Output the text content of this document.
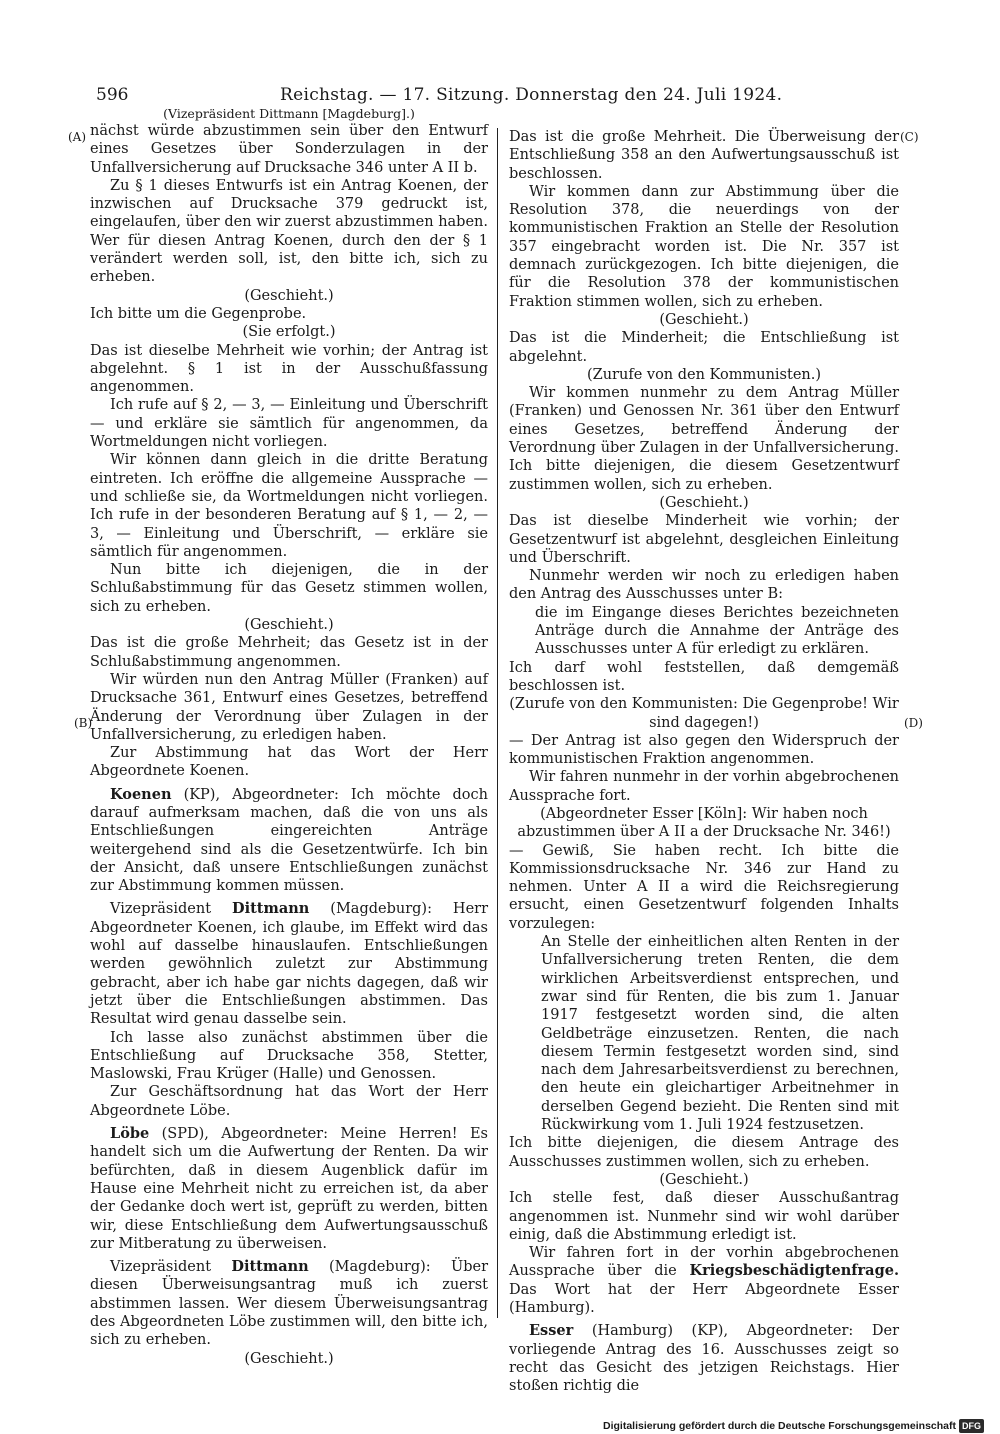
596	Reichstag. — 17. Sitzung. Donnerstag den 24. Juli 1924.
(A)
(B)
(C)
(D)

(Vizepräsident Dittmann [Magdeburg].)

nächst würde abzustimmen sein über den Entwurf eines Gesetzes über Sonderzulagen in der Unfallversicherung auf Drucksache 346 unter A II b.

Zu § 1 dieses Entwurfs ist ein Antrag Koenen, der inzwischen auf Drucksache 379 gedruckt ist, eingelaufen, über den wir zuerst abzustimmen haben. Wer für diesen Antrag Koenen, durch den der § 1 verändert werden soll, ist, den bitte ich, sich zu erheben.

(Geschieht.)

Ich bitte um die Gegenprobe.

(Sie erfolgt.)

Das ist dieselbe Mehrheit wie vorhin; der Antrag ist abgelehnt. § 1 ist in der Ausschußfassung angenommen.

Ich rufe auf § 2, — 3, — Einleitung und Überschrift — und erkläre sie sämtlich für angenommen, da Wortmeldungen nicht vorliegen.

Wir können dann gleich in die dritte Beratung eintreten. Ich eröffne die allgemeine Aussprache — und schließe sie, da Wortmeldungen nicht vorliegen. Ich rufe in der besonderen Beratung auf § 1, — 2, — 3, — Einleitung und Überschrift, — erkläre sie sämtlich für angenommen.

Nun bitte ich diejenigen, die in der Schlußabstimmung für das Gesetz stimmen wollen, sich zu erheben.

(Geschieht.)

Das ist die große Mehrheit; das Gesetz ist in der Schlußabstimmung angenommen.

Wir würden nun den Antrag Müller (Franken) auf Drucksache 361, Entwurf eines Gesetzes, betreffend Änderung der Verordnung über Zulagen in der Unfallversicherung, zu erledigen haben.

Zur Abstimmung hat das Wort der Herr Abgeordnete Koenen.

Koenen (KP), Abgeordneter: Ich möchte doch darauf aufmerksam machen, daß die von uns als Entschließungen eingereichten Anträge weitergehend sind als die Gesetzentwürfe. Ich bin der Ansicht, daß unsere Entschließungen zunächst zur Abstimmung kommen müssen.

Vizepräsident Dittmann (Magdeburg): Herr Abgeordneter Koenen, ich glaube, im Effekt wird das wohl auf dasselbe hinauslaufen. Entschließungen werden gewöhnlich zuletzt zur Abstimmung gebracht, aber ich habe gar nichts dagegen, daß wir jetzt über die Entschließungen abstimmen. Das Resultat wird genau dasselbe sein.

Ich lasse also zunächst abstimmen über die Entschließung auf Drucksache 358, Stetter, Maslowski, Frau Krüger (Halle) und Genossen.

Zur Geschäftsordnung hat das Wort der Herr Abgeordnete Löbe.

Löbe (SPD), Abgeordneter: Meine Herren! Es handelt sich um die Aufwertung der Renten. Da wir befürchten, daß in diesem Augenblick dafür im Hause eine Mehrheit nicht zu erreichen ist, da aber der Gedanke doch wert ist, geprüft zu werden, bitten wir, diese Entschließung dem Aufwertungsausschuß zur Mitberatung zu überweisen.

Vizepräsident Dittmann (Magdeburg): Über diesen Überweisungsantrag muß ich zuerst abstimmen lassen. Wer diesem Überweisungsantrag des Abgeordneten Löbe zustimmen will, den bitte ich, sich zu erheben.

(Geschieht.)

Das ist die große Mehrheit. Die Überweisung der Entschließung 358 an den Aufwertungsausschuß ist beschlossen.

Wir kommen dann zur Abstimmung über die Resolution 378, die neuerdings von der kommunistischen Fraktion an Stelle der Resolution 357 eingebracht worden ist. Die Nr. 357 ist demnach zurückgezogen. Ich bitte diejenigen, die für die Resolution 378 der kommunistischen Fraktion stimmen wollen, sich zu erheben.

(Geschieht.)

Das ist die Minderheit; die Entschließung ist abgelehnt.

(Zurufe von den Kommunisten.)

Wir kommen nunmehr zu dem Antrag Müller (Franken) und Genossen Nr. 361 über den Entwurf eines Gesetzes, betreffend Änderung der Verordnung über Zulagen in der Unfallversicherung. Ich bitte diejenigen, die diesem Gesetzentwurf zustimmen wollen, sich zu erheben.

(Geschieht.)

Das ist dieselbe Minderheit wie vorhin; der Gesetzentwurf ist abgelehnt, desgleichen Einleitung und Überschrift.

Nunmehr werden wir noch zu erledigen haben den Antrag des Ausschusses unter B:

die im Eingange dieses Berichtes bezeichneten Anträge durch die Annahme der Anträge des Ausschusses unter A für erledigt zu erklären.

Ich darf wohl feststellen, daß demgemäß beschlossen ist.

(Zurufe von den Kommunisten: Die Gegenprobe! Wir sind dagegen!)

— Der Antrag ist also gegen den Widerspruch der kommunistischen Fraktion angenommen.

Wir fahren nunmehr in der vorhin abgebrochenen Aussprache fort.

(Abgeordneter Esser [Köln]: Wir haben noch abzustimmen über A II a der Drucksache Nr. 346!)

— Gewiß, Sie haben recht. Ich bitte die Kommissionsdrucksache Nr. 346 zur Hand zu nehmen. Unter A II a wird die Reichsregierung ersucht, einen Gesetzentwurf folgenden Inhalts vorzulegen:

An Stelle der einheitlichen alten Renten in der Unfallversicherung treten Renten, die dem wirklichen Arbeitsverdienst entsprechen, und zwar sind für Renten, die bis zum 1. Januar 1917 festgesetzt worden sind, die alten Geldbeträge einzusetzen. Renten, die nach diesem Termin festgesetzt worden sind, sind nach dem Jahresarbeitsverdienst zu berechnen, den heute ein gleichartiger Arbeitnehmer in derselben Gegend bezieht. Die Renten sind mit Rückwirkung vom 1. Juli 1924 festzusetzen.

Ich bitte diejenigen, die diesem Antrage des Ausschusses zustimmen wollen, sich zu erheben.

(Geschieht.)

Ich stelle fest, daß dieser Ausschußantrag angenommen ist. Nunmehr sind wir wohl darüber einig, daß die Abstimmung erledigt ist.

Wir fahren fort in der vorhin abgebrochenen Aussprache über die Kriegsbeschädigtenfrage. Das Wort hat der Herr Abgeordnete Esser (Hamburg).

Esser (Hamburg) (KP), Abgeordneter: Der vorliegende Antrag des 16. Ausschusses zeigt so recht das Gesicht des jetzigen Reichstags. Hier stoßen richtig die

Digitalisierung gefördert durch die Deutsche Forschungsgemeinschaft DFG
